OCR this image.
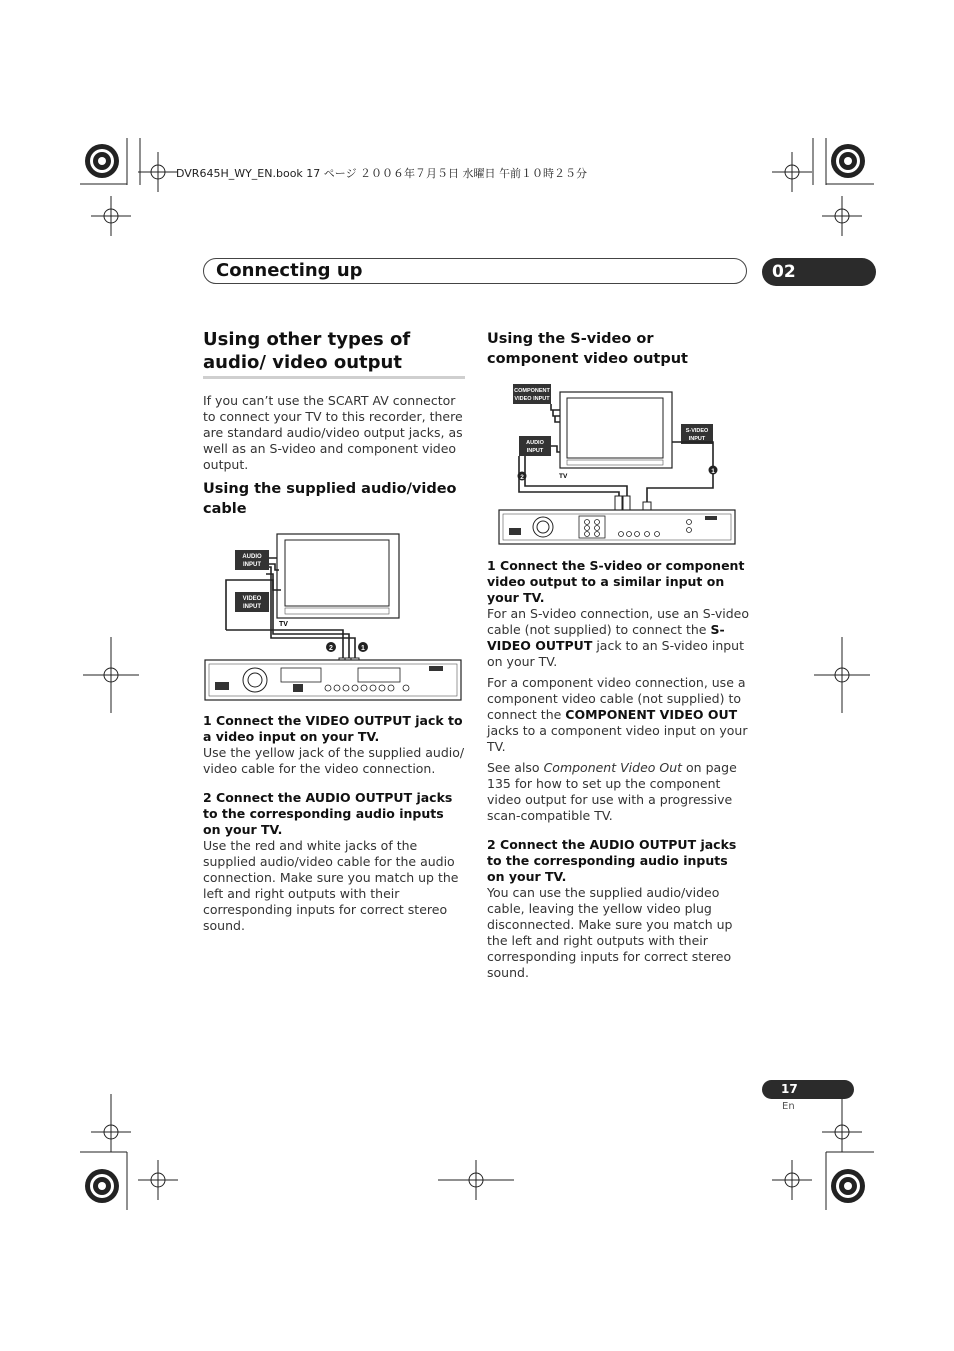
DVR645H_WY_EN.book 17 ページ ２００６年７月５日 水曜日 午前１０時２５分
Connecting up	02
Using other types of audio/ video output
If you can’t use the SCART AV connector to connect your TV to this recorder, there are standard audio/video output jacks, as well as an S-video and component video output.
Using the supplied audio/video cable
TV
AUDIO
INPUT
VIDEO
INPUT
2	1
1 Connect the VIDEO OUTPUT jack to a video input on your TV.
Use the yellow jack of the supplied audio/ video cable for the video connection.
2 Connect the AUDIO OUTPUT jacks to the corresponding audio inputs on your TV.
Use the red and white jacks of the supplied audio/video cable for the audio connection. Make sure you match up the left and right outputs with their corresponding inputs for correct stereo sound.
Using the S-video or component video output
TV
COMPONENT
VIDEO INPUT
AUDIO
INPUT
S-VIDEO
INPUT
2
1
1 Connect the S-video or component video output to a similar input on your TV.
For an S-video connection, use an S-video cable (not supplied) to connect the S-VIDEO OUTPUT jack to an S-video input on your TV.
For a component video connection, use a component video cable (not supplied) to connect the COMPONENT VIDEO OUT jacks to a component video input on your TV.
See also Component Video Out on page 135 for how to set up the component video output for use with a progressive scan-compatible TV.
2 Connect the AUDIO OUTPUT jacks to the corresponding audio inputs on your TV.
You can use the supplied audio/video cable, leaving the yellow video plug disconnected. Make sure you match up the left and right outputs with their corresponding inputs for correct stereo sound.
17
En
